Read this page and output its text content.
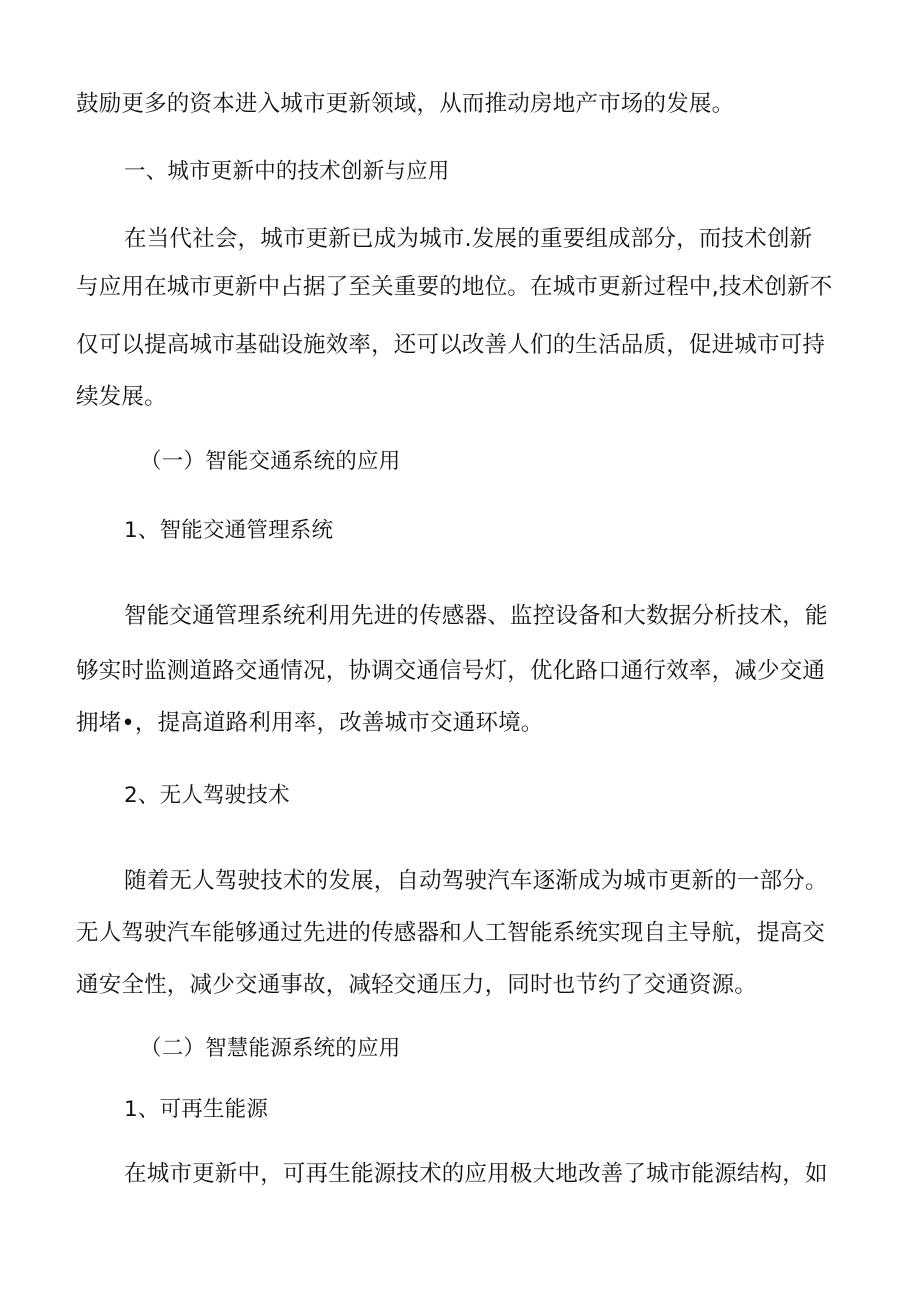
鼓励更多的资本进入城市更新领域，从而推动房地产市场的发展。
一、城市更新中的技术创新与应用
在当代社会，城市更新已成为城市.发展的重要组成部分，而技术创新
与应用在城市更新中占据了至关重要的地位。在城市更新过程中,技术创新不
仅可以提高城市基础设施效率，还可以改善人们的生活品质，促进城市可持
续发展。
（一）智能交通系统的应用
1、智能交通管理系统
智能交通管理系统利用先进的传感器、监控设备和大数据分析技术，能
够实时监测道路交通情况，协调交通信号灯，优化路口通行效率，减少交通
拥堵•，提高道路利用率，改善城市交通环境。
2、无人驾驶技术
随着无人驾驶技术的发展，自动驾驶汽车逐渐成为城市更新的一部分。
无人驾驶汽车能够通过先进的传感器和人工智能系统实现自主导航，提高交
通安全性，减少交通事故，减轻交通压力，同时也节约了交通资源。
（二）智慧能源系统的应用
1、可再生能源
在城市更新中，可再生能源技术的应用极大地改善了城市能源结构，如
